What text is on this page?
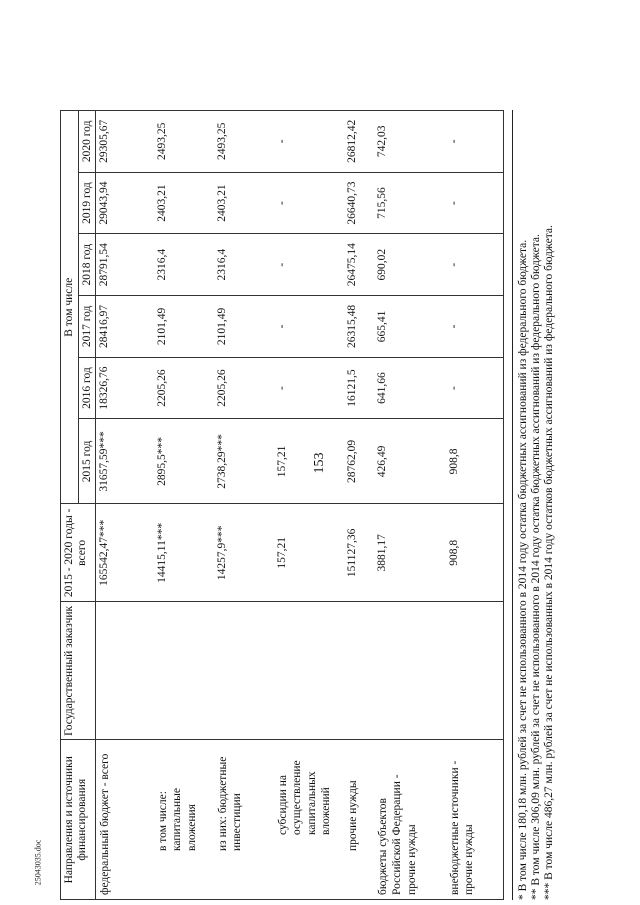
153
25043035.doc Направления и источники финансирования	Государственный заказчик	2015 - 2020 годы - всего	В том числе					
			2015 год	2016 год	2017 год	2018 год	2019 год	2020 год
федеральный бюджет - всего		165542,47***	31657,59***	18326,76	28416,97	28791,54	29043,94	29305,67
в том числе: капитальные вложения		14415,11***	2895,5***	2205,26	2101,49	2316,4	2403,21	2493,25
из них: бюджетные инвестиции		14257,9***	2738,29***	2205,26	2101,49	2316,4	2403,21	2493,25
субсидии на осуществление капитальных вложений		157,21	157,21	-	-	-	-	-
прочие нужды		151127,36	28762,09	16121,5	26315,48	26475,14	26640,73	26812,42
бюджеты субъектов Российской Федерации - прочие нужды		3881,17	426,49	641,66	665,41	690,02	715,56	742,03
внебюджетные источники - прочие нужды		908,8	908,8	-	-	-	-	-
* В том числе 180,18 млн. рублей за счет не использованного в 2014 году остатка бюджетных ассигнований из федерального бюджета. ** В том числе 306,09 млн. рублей за счет не использованного в 2014 году остатка бюджетных ассигнований из федерального бюджета. *** В том числе 486,27 млн. рублей за счет не использованных в 2014 году остатков бюджетных ассигнований из федерального бюджета.
